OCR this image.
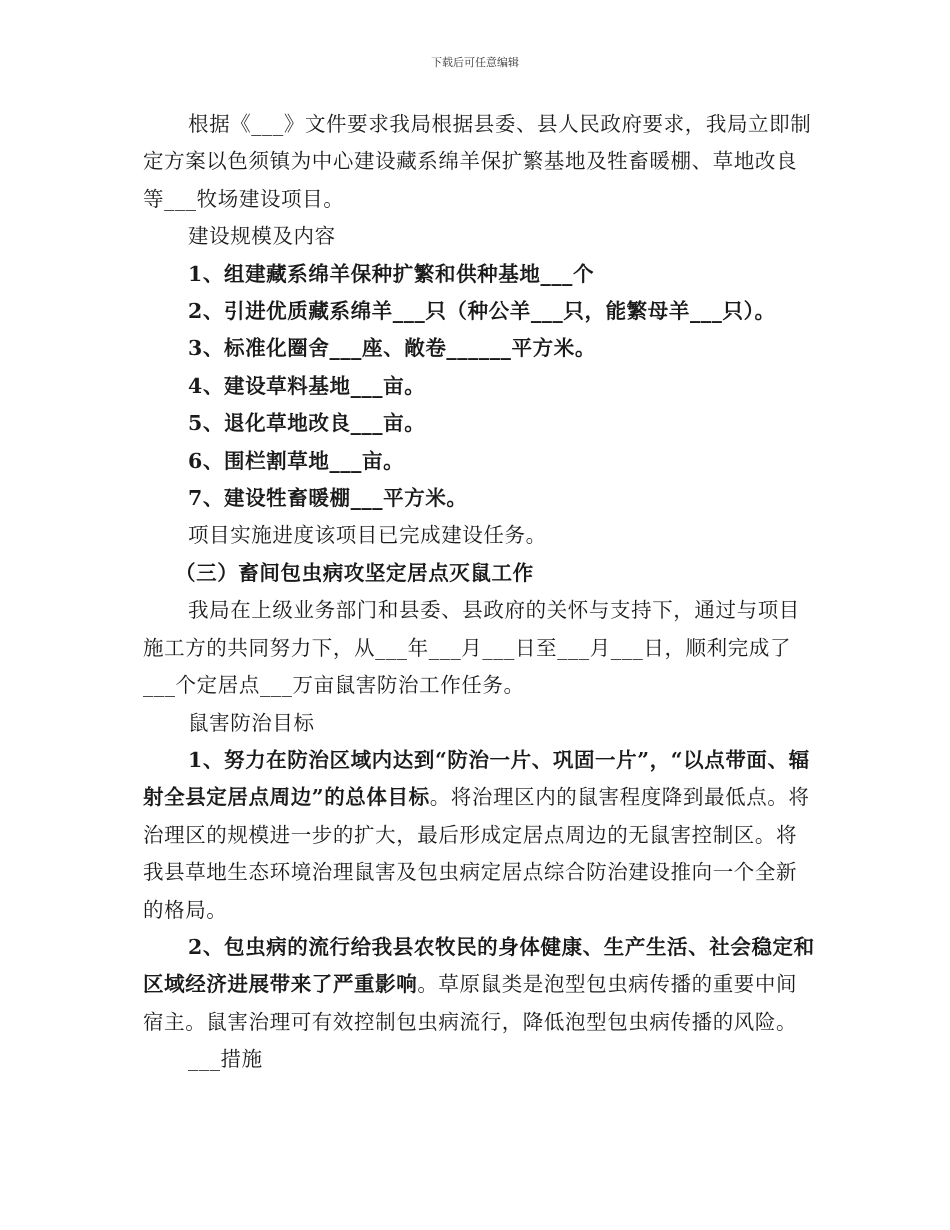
下载后可任意编辑

根据《___》文件要求我局根据县委、县人民政府要求，我局立即制定方案以色须镇为中心建设藏系绵羊保扩繁基地及牲畜暖棚、草地改良等___牧场建设项目。

建设规模及内容

1、组建藏系绵羊保种扩繁和供种基地___个

2、引进优质藏系绵羊___只（种公羊___只，能繁母羊___只）。

3、标准化圈舍___座、敞卷______平方米。

4、建设草料基地___亩。

5、退化草地改良___亩。

6、围栏割草地___亩。

7、建设牲畜暖棚___平方米。

项目实施进度该项目已完成建设任务。

（三）畜间包虫病攻坚定居点灭鼠工作

我局在上级业务部门和县委、县政府的关怀与支持下，通过与项目施工方的共同努力下，从___年___月___日至___月___日，顺利完成了___个定居点___万亩鼠害防治工作任务。

鼠害防治目标

1、努力在防治区域内达到“防治一片、巩固一片”，“以点带面、辐射全县定居点周边”的总体目标。将治理区内的鼠害程度降到最低点。将治理区的规模进一步的扩大，最后形成定居点周边的无鼠害控制区。将我县草地生态环境治理鼠害及包虫病定居点综合防治建设推向一个全新的格局。

2、包虫病的流行给我县农牧民的身体健康、生产生活、社会稳定和区域经济进展带来了严重影响。草原鼠类是泡型包虫病传播的重要中间宿主。鼠害治理可有效控制包虫病流行，降低泡型包虫病传播的风险。

___措施
